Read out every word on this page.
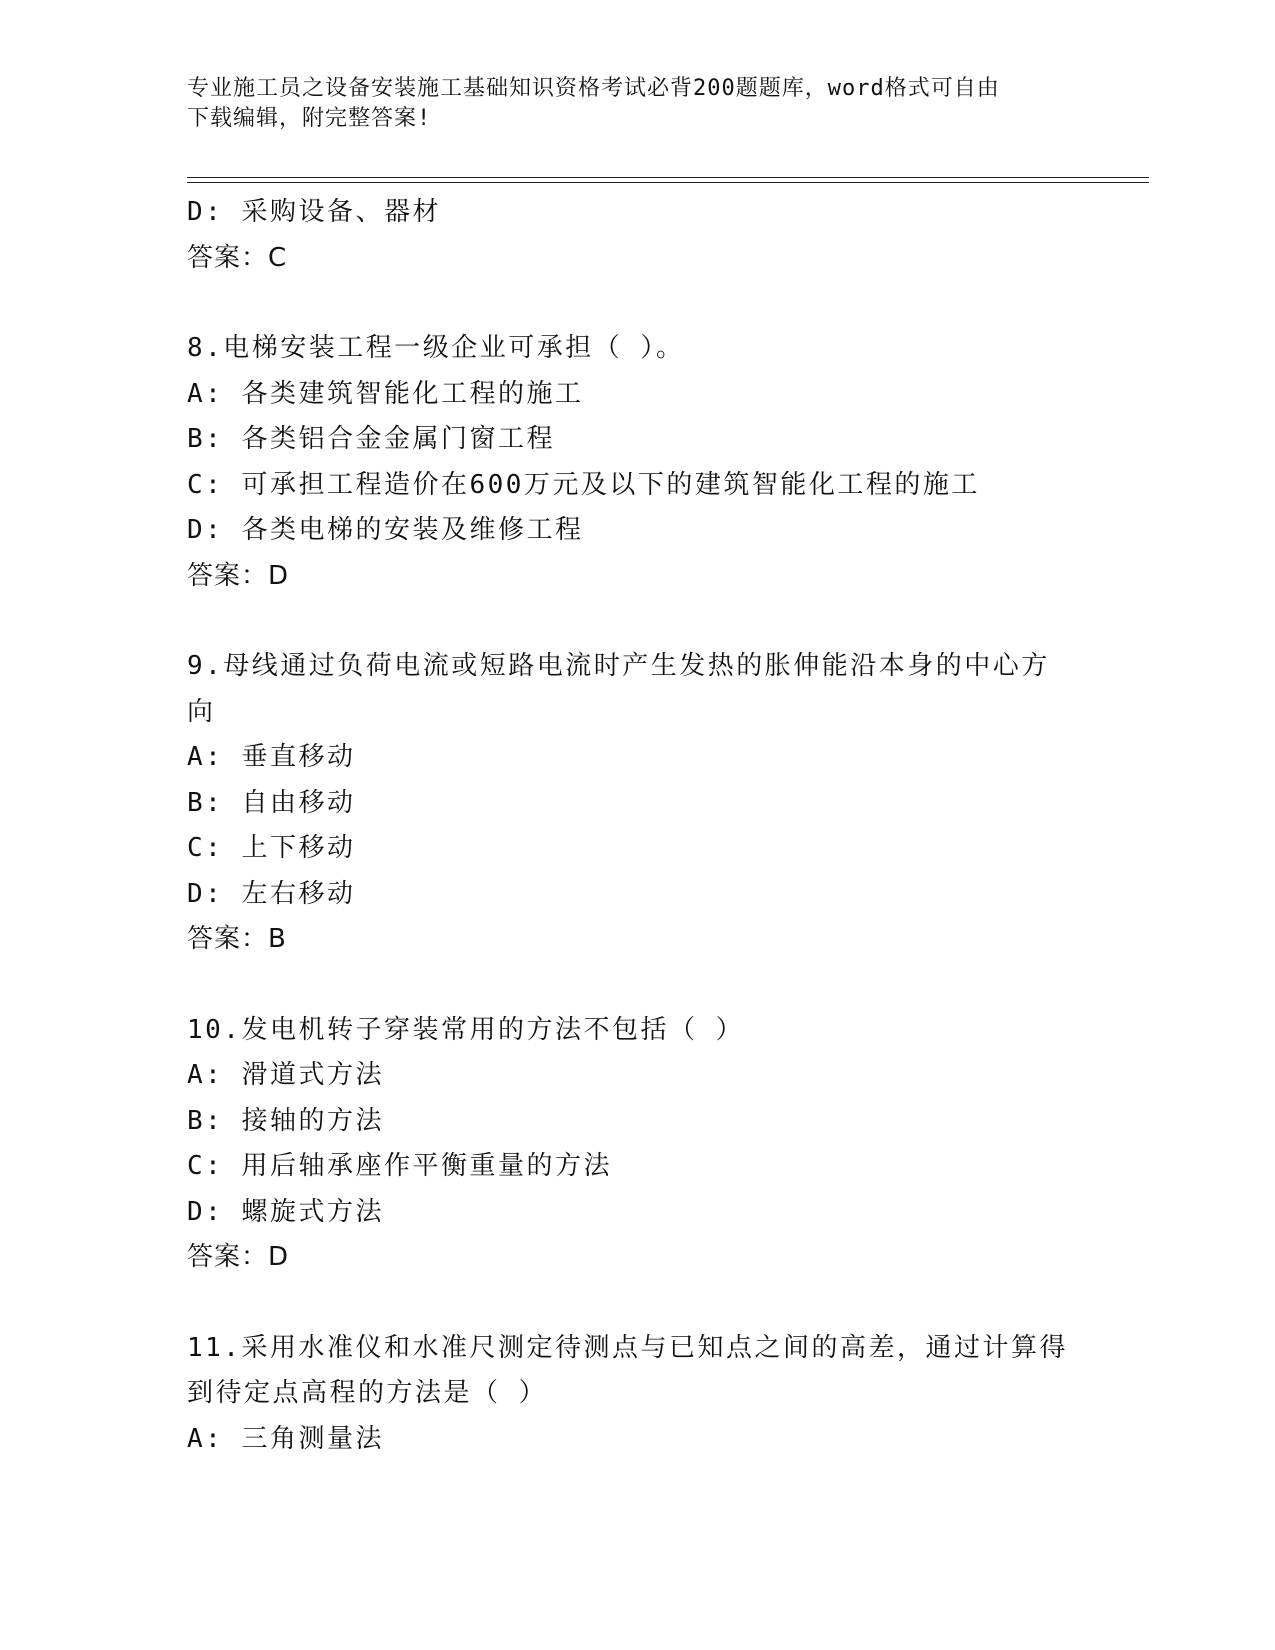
专业施工员之设备安装施工基础知识资格考试必背200题题库，word格式可自由
下载编辑，附完整答案!
D: 采购设备、器材
答案：C
8.电梯安装工程一级企业可承担（ ）。
A: 各类建筑智能化工程的施工
B: 各类铝合金金属门窗工程
C: 可承担工程造价在600万元及以下的建筑智能化工程的施工
D: 各类电梯的安装及维修工程
答案：D
9.母线通过负荷电流或短路电流时产生发热的胀伸能沿本身的中心方
向
A: 垂直移动
B: 自由移动
C: 上下移动
D: 左右移动
答案：B
10.发电机转子穿装常用的方法不包括（ ）
A: 滑道式方法
B: 接轴的方法
C: 用后轴承座作平衡重量的方法
D: 螺旋式方法
答案：D
11.采用水准仪和水准尺测定待测点与已知点之间的高差，通过计算得
到待定点高程的方法是（ ）
A: 三角测量法
